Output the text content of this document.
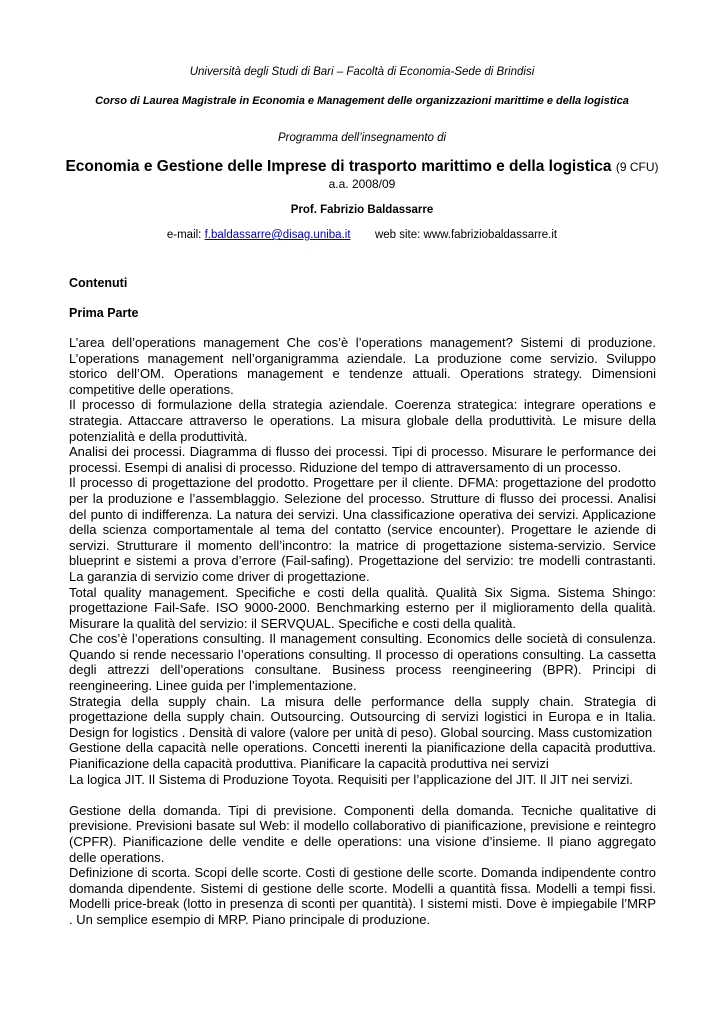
Università degli Studi di Bari – Facoltà di Economia-Sede di Brindisi
Corso di Laurea Magistrale in Economia e Management delle organizzazioni marittime e della logistica
Programma dell’insegnamento di
Economia e Gestione delle Imprese di trasporto marittimo e della logistica (9 CFU)
a.a. 2008/09
Prof. Fabrizio Baldassarre
e-mail: f.baldassarre@disag.uniba.it web site: www.fabriziobaldassarre.it
Contenuti
Prima Parte

L’area dell’operations management Che cos’è l’operations management? Sistemi di produzione. L’operations management nell’organigramma aziendale. La produzione come servizio. Sviluppo storico dell’OM. Operations management e tendenze attuali. Operations strategy. Dimensioni competitive delle operations.

Il processo di formulazione della strategia aziendale. Coerenza strategica: integrare operations e strategia. Attaccare attraverso le operations. La misura globale della produttività. Le misure della potenzialità e della produttività.

Analisi dei processi. Diagramma di flusso dei processi. Tipi di processo. Misurare le performance dei processi. Esempi di analisi di processo. Riduzione del tempo di attraversamento di un processo.

Il processo di progettazione del prodotto. Progettare per il cliente. DFMA: progettazione del prodotto per la produzione e l’assemblaggio. Selezione del processo. Strutture di flusso dei processi. Analisi del punto di indifferenza. La natura dei servizi. Una classificazione operativa dei servizi. Applicazione della scienza comportamentale al tema del contatto (service encounter). Progettare le aziende di servizi. Strutturare il momento dell’incontro: la matrice di progettazione sistema-servizio. Service blueprint e sistemi a prova d’errore (Fail-safing). Progettazione del servizio: tre modelli contrastanti. La garanzia di servizio come driver di progettazione.

Total quality management. Specifiche e costi della qualità. Qualità Six Sigma. Sistema Shingo: progettazione Fail-Safe. ISO 9000-2000. Benchmarking esterno per il miglioramento della qualità. Misurare la qualità del servizio: il SERVQUAL. Specifiche e costi della qualità.

Che cos’è l’operations consulting. Il management consulting. Economics delle società di consulenza. Quando si rende necessario l’operations consulting. Il processo di operations consulting. La cassetta degli attrezzi dell’operations consultane. Business process reengineering (BPR). Principi di reengineering. Linee guida per l’implementazione.

Strategia della supply chain. La misura delle performance della supply chain. Strategia di progettazione della supply chain. Outsourcing. Outsourcing di servizi logistici in Europa e in Italia. Design for logistics . Densità di valore (valore per unità di peso). Global sourcing. Mass customization

Gestione della capacità nelle operations. Concetti inerenti la pianificazione della capacità produttiva. Pianificazione della capacità produttiva. Pianificare la capacità produttiva nei servizi

La logica JIT. Il Sistema di Produzione Toyota. Requisiti per l’applicazione del JIT. Il JIT nei servizi.

Gestione della domanda. Tipi di previsione. Componenti della domanda. Tecniche qualitative di previsione. Previsioni basate sul Web: il modello collaborativo di pianificazione, previsione e reintegro (CPFR). Pianificazione delle vendite e delle operations: una visione d’insieme. Il piano aggregato delle operations.

Definizione di scorta. Scopi delle scorte. Costi di gestione delle scorte. Domanda indipendente contro domanda dipendente. Sistemi di gestione delle scorte. Modelli a quantità fissa. Modelli a tempi fissi. Modelli price-break (lotto in presenza di sconti per quantità). I sistemi misti. Dove è impiegabile l’MRP . Un semplice esempio di MRP. Piano principale di produzione.
